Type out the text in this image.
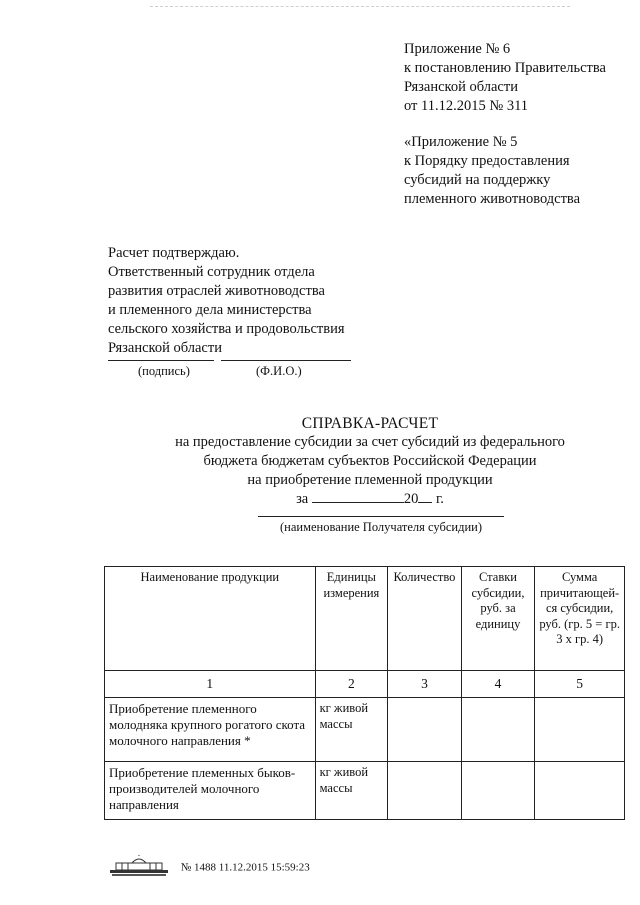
Приложение № 6
к постановлению Правительства
Рязанской области
от 11.12.2015 № 311
«Приложение № 5
к Порядку предоставления
субсидий на поддержку
племенного животноводства
Расчет подтверждаю.
Ответственный сотрудник отдела
развития отраслей животноводства
и племенного дела министерства
сельского хозяйства и продовольствия
Рязанской области
(подпись)	(Ф.И.О.)
СПРАВКА-РАСЧЕТ
на предоставление субсидии за счет субсидий из федерального
бюджета бюджетам субъектов Российской Федерации
на приобретение племенной продукции
за	20 г.
(наименование Получателя субсидии)
Наименование продукции	Единицы измерения	Количество	Ставки субсидии, руб. за единицу	Сумма причитающей-ся субсидии, руб. (гр. 5 = гр. 3 х гр. 4)
1	2	3	4	5
Приобретение племенного молодняка крупного рогатого скота молочного направления *	кг живой массы			
Приобретение племенных быков-производителей молочного направления	кг живой массы			
№ 1488 11.12.2015 15:59:23
